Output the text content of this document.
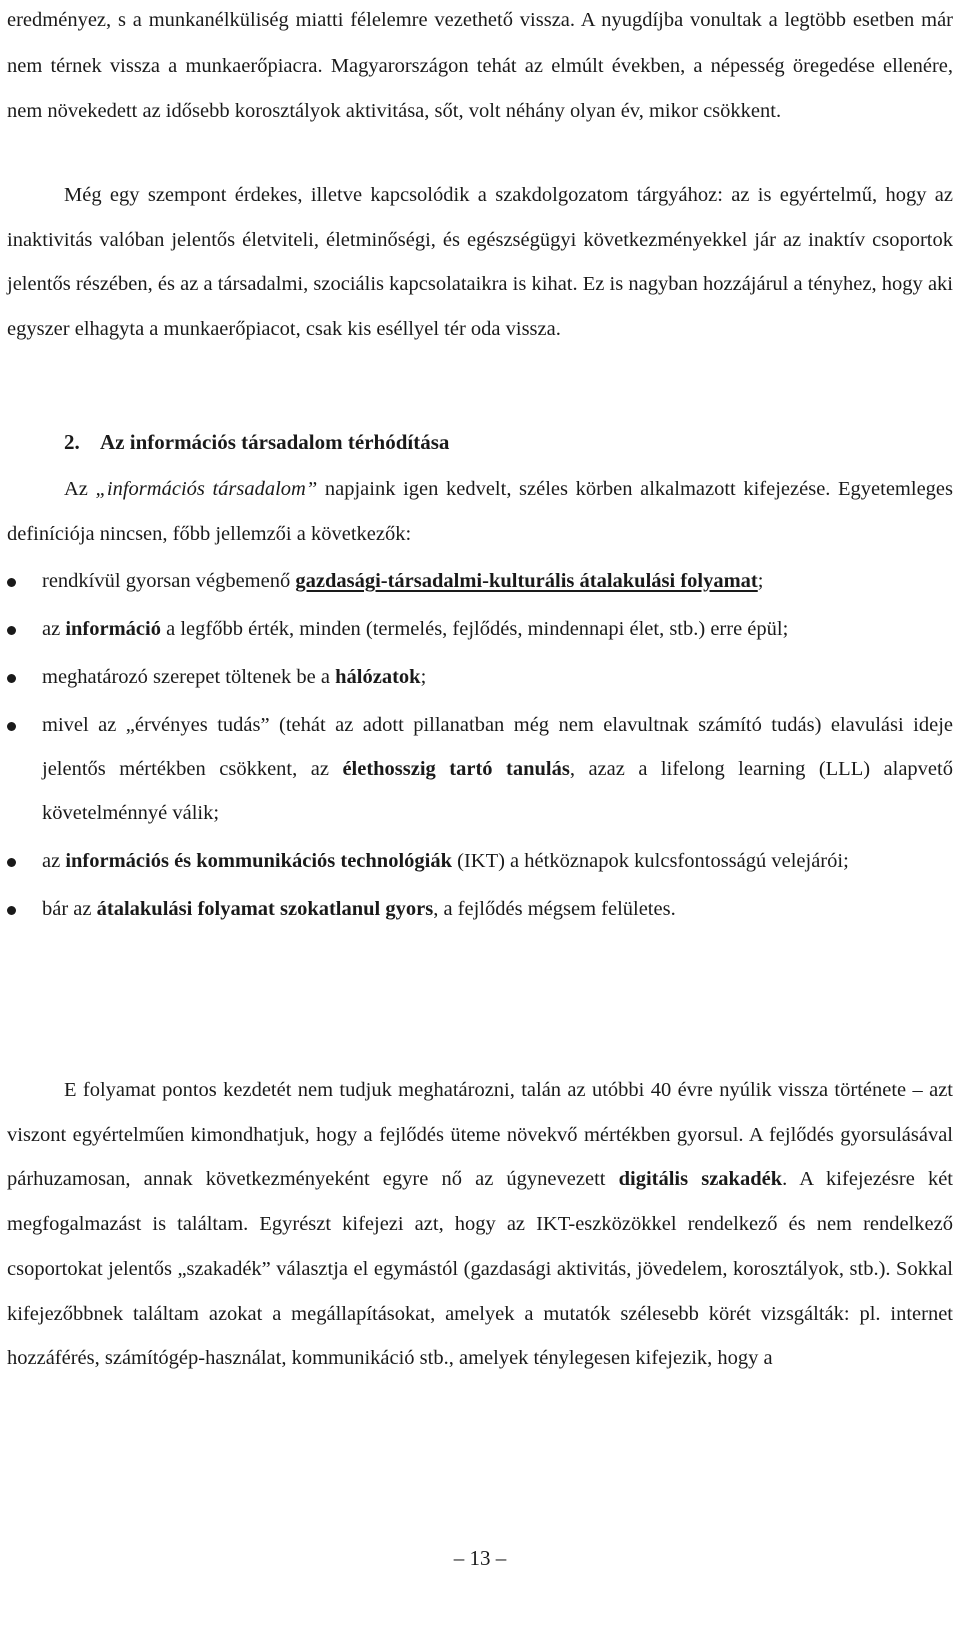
eredményez, s a munkanélküliség miatti félelemre vezethető vissza. A nyugdíjba vonultak a legtöbb esetben már nem térnek vissza a munkaerőpiacra. Magyarországon tehát az elmúlt években, a népesség öregedése ellenére, nem növekedett az idősebb korosztályok aktivitása, sőt, volt néhány olyan év, mikor csökkent.

Még egy szempont érdekes, illetve kapcsolódik a szakdolgozatom tárgyához: az is egyértelmű, hogy az inaktivitás valóban jelentős életviteli, életminőségi, és egészségügyi következményekkel jár az inaktív csoportok jelentős részében, és az a társadalmi, szociális kapcsolataikra is kihat. Ez is nagyban hozzájárul a tényhez, hogy aki egyszer elhagyta a munkaerőpiacot, csak kis eséllyel tér oda vissza.

2. Az információs társadalom térhódítása

Az „információs társadalom” napjaink igen kedvelt, széles körben alkalmazott kifejezése. Egyetemleges definíciója nincsen, főbb jellemzői a következők:

rendkívül gyorsan végbemenő gazdasági-társadalmi-kulturális átalakulási folyamat;
az információ a legfőbb érték, minden (termelés, fejlődés, mindennapi élet, stb.) erre épül;
meghatározó szerepet töltenek be a hálózatok;
mivel az „érvényes tudás” (tehát az adott pillanatban még nem elavultnak számító tudás) elavulási ideje jelentős mértékben csökkent, az élethosszig tartó tanulás, azaz a lifelong learning (LLL) alapvető követelménnyé válik;
az információs és kommunikációs technológiák (IKT) a hétköznapok kulcsfontosságú velejárói;
bár az átalakulási folyamat szokatlanul gyors, a fejlődés mégsem felületes.

E folyamat pontos kezdetét nem tudjuk meghatározni, talán az utóbbi 40 évre nyúlik vissza története – azt viszont egyértelműen kimondhatjuk, hogy a fejlődés üteme növekvő mértékben gyorsul. A fejlődés gyorsulásával párhuzamosan, annak következményeként egyre nő az úgynevezett digitális szakadék. A kifejezésre két megfogalmazást is találtam. Egyrészt kifejezi azt, hogy az IKT-eszközökkel rendelkező és nem rendelkező csoportokat jelentős „szakadék” választja el egymástól (gazdasági aktivitás, jövedelem, korosztályok, stb.). Sokkal kifejezőbbnek találtam azokat a megállapításokat, amelyek a mutatók szélesebb körét vizsgálták: pl. internet hozzáférés, számítógép-használat, kommunikáció stb., amelyek ténylegesen kifejezik, hogy a

– 13 –
